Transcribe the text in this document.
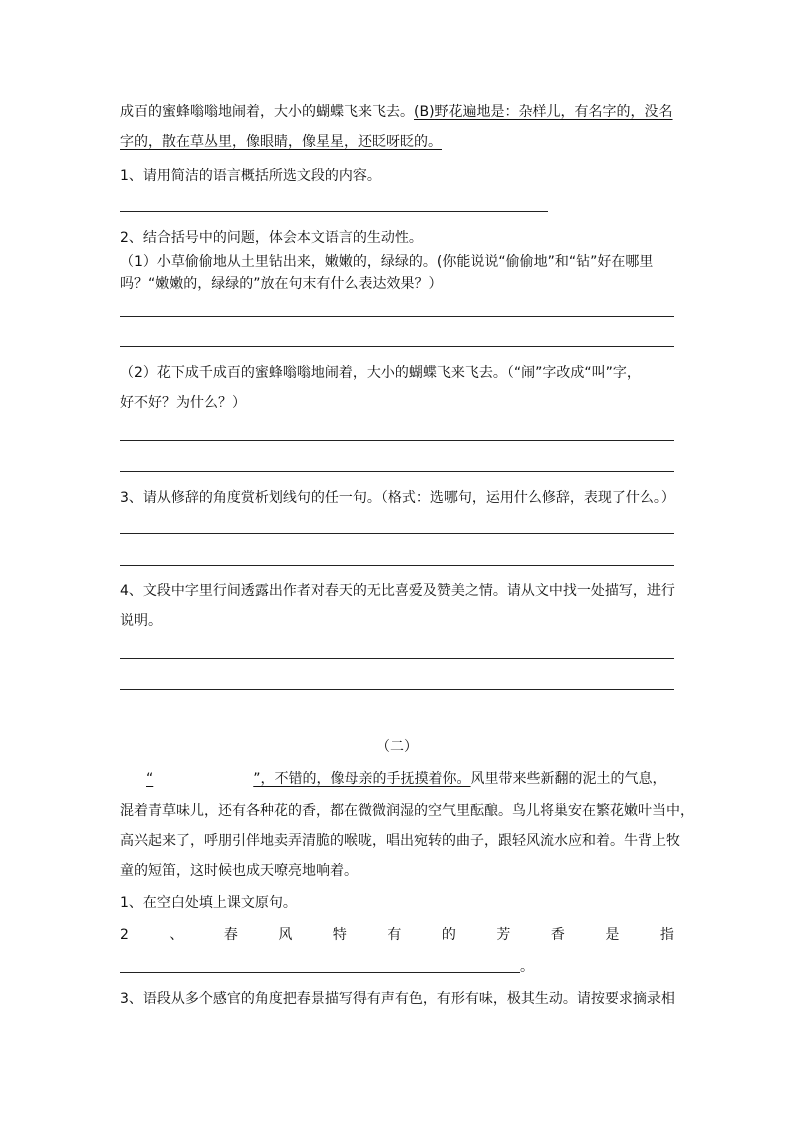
成百的蜜蜂嗡嗡地闹着，大小的蝴蝶飞来飞去。(B)野花遍地是：杂样儿，有名字的，没名
字的，散在草丛里，像眼睛，像星星，还眨呀眨的。
1、请用简洁的语言概括所选文段的内容。
2、结合括号中的问题，体会本文语言的生动性。
（1）小草偷偷地从土里钻出来，嫩嫩的，绿绿的。(你能说说“偷偷地”和“钻”好在哪里
吗？“嫩嫩的，绿绿的”放在句末有什么表达效果？）
（2）花下成千成百的蜜蜂嗡嗡地闹着，大小的蝴蝶飞来飞去。（“闹”字改成“叫”字，
好不好？为什么？）
3、请从修辞的角度赏析划线句的任一句。（格式：选哪句，运用什么修辞，表现了什么。）
4、文段中字里行间透露出作者对春天的无比喜爱及赞美之情。请从文中找一处描写，进行
说明。
（二）
“	”，不错的，像母亲的手抚摸着你。风里带来些新翻的泥土的气息，
混着青草味儿，还有各种花的香，都在微微润湿的空气里酝酿。鸟儿将巢安在繁花嫩叶当中，
高兴起来了，呼朋引伴地卖弄清脆的喉咙，唱出宛转的曲子，跟轻风流水应和着。牛背上牧
童的短笛，这时候也成天嘹亮地响着。
1、在空白处填上课文原句。
2	、	春	风	特	有	的	芳	香	是	指
。
3、语段从多个感官的角度把春景描写得有声有色，有形有味，极其生动。请按要求摘录相
